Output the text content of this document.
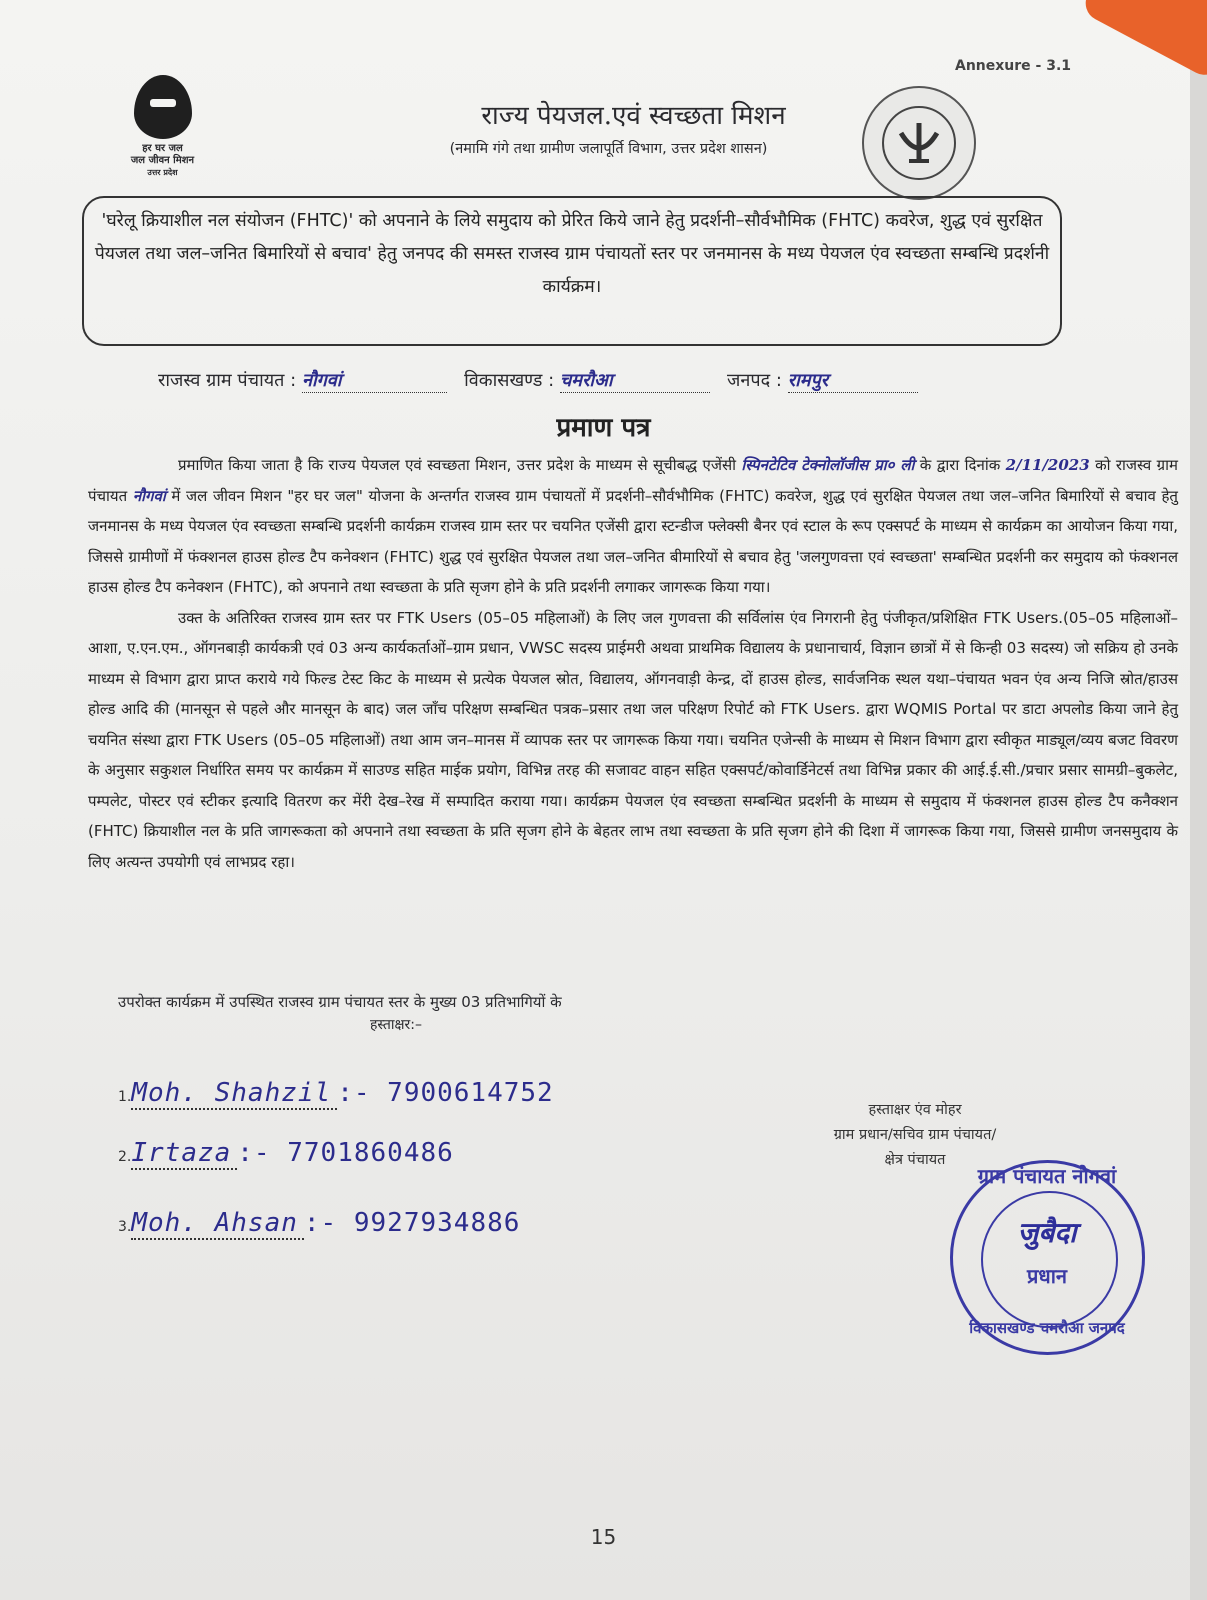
Annexure - 3.1
हर घर जल
जल जीवन मिशन
उत्तर प्रदेश
राज्य पेयजल.एवं स्वच्छता मिशन
(नमामि गंगे तथा ग्रामीण जलापूर्ति विभाग, उत्तर प्रदेश शासन)
'घरेलू क्रियाशील नल संयोजन (FHTC)' को अपनाने के लिये समुदाय को प्रेरित किये जाने हेतु प्रदर्शनी–सौर्वभौमिक (FHTC) कवरेज, शुद्ध एवं सुरक्षित पेयजल तथा जल–जनित बिमारियों से बचाव' हेतु जनपद की समस्त राजस्व ग्राम पंचायतों स्तर पर जनमानस के मध्य पेयजल एंव स्वच्छता सम्बन्धि प्रदर्शनी कार्यक्रम।
राजस्व ग्राम पंचायत : नौगवां	विकासखण्ड : चमरौआ	जनपद : रामपुर
प्रमाण पत्र

प्रमाणित किया जाता है कि राज्य पेयजल एवं स्वच्छता मिशन, उत्तर प्रदेश के माध्यम से सूचीबद्ध एजेंसी स्पिनटेटिव टेक्नोलॉजीस प्रा० ली के द्वारा दिनांक 2/11/2023 को राजस्व ग्राम पंचायत नौगवां में जल जीवन मिशन "हर घर जल" योजना के अन्तर्गत राजस्व ग्राम पंचायतों में प्रदर्शनी–सौर्वभौमिक (FHTC) कवरेज, शुद्ध एवं सुरक्षित पेयजल तथा जल–जनित बिमारियों से बचाव हेतु जनमानस के मध्य पेयजल एंव स्वच्छता सम्बन्धि प्रदर्शनी कार्यक्रम राजस्व ग्राम स्तर पर चयनित एजेंसी द्वारा स्टन्डीज फ्लेक्सी बैनर एवं स्टाल के रूप एक्सपर्ट के माध्यम से कार्यक्रम का आयोजन किया गया, जिससे ग्रामीणों में फंक्शनल हाउस होल्ड टैप कनेक्शन (FHTC) शुद्ध एवं सुरक्षित पेयजल तथा जल–जनित बीमारियों से बचाव हेतु 'जलगुणवत्ता एवं स्वच्छता' सम्बन्धित प्रदर्शनी कर समुदाय को फंक्शनल हाउस होल्ड टैप कनेक्शन (FHTC), को अपनाने तथा स्वच्छता के प्रति सृजग होने के प्रति प्रदर्शनी लगाकर जागरूक किया गया।

उक्त के अतिरिक्त राजस्व ग्राम स्तर पर FTK Users (05–05 महिलाओं) के लिए जल गुणवत्ता की सर्विलांस एंव निगरानी हेतु पंजीकृत/प्रशिक्षित FTK Users.(05–05 महिलाओं–आशा, ए.एन.एम., ऑगनबाड़ी कार्यकत्री एवं 03 अन्य कार्यकर्ताओं–ग्राम प्रधान, VWSC सदस्य प्राईमरी अथवा प्राथमिक विद्यालय के प्रधानाचार्य, विज्ञान छात्रों में से किन्ही 03 सदस्य) जो सक्रिय हो उनके माध्यम से विभाग द्वारा प्राप्त कराये गये फिल्ड टेस्ट किट के माध्यम से प्रत्येक पेयजल स्रोत, विद्यालय, ऑगनवाड़ी केन्द्र, दों हाउस होल्ड, सार्वजनिक स्थल यथा–पंचायत भवन एंव अन्य निजि स्रोत/हाउस होल्ड आदि की (मानसून से पहले और मानसून के बाद) जल जाँच परिक्षण सम्बन्धित पत्रक–प्रसार तथा जल परिक्षण रिपोर्ट को FTK Users. द्वारा WQMIS Portal पर डाटा अपलोड किया जाने हेतु चयनित संस्था द्वारा FTK Users (05–05 महिलाओं) तथा आम जन–मानस में व्यापक स्तर पर जागरूक किया गया। चयनित एजेन्सी के माध्यम से मिशन विभाग द्वारा स्वीकृत माड्यूल/व्यय बजट विवरण के अनुसार सकुशल निर्धारित समय पर कार्यक्रम में साउण्ड सहित माईक प्रयोग, विभिन्न तरह की सजावट वाहन सहित एक्सपर्ट/कोवार्डिनेटर्स तथा विभिन्न प्रकार की आई.ई.सी./प्रचार प्रसार सामग्री–बुकलेट, पम्पलेट, पोस्टर एवं स्टीकर इत्यादि वितरण कर मेंरी देख–रेख में सम्पादित कराया गया। कार्यक्रम पेयजल एंव स्वच्छता सम्बन्धित प्रदर्शनी के माध्यम से समुदाय में फंक्शनल हाउस होल्ड टैप कनैक्शन (FHTC) क्रियाशील नल के प्रति जागरूकता को अपनाने तथा स्वच्छता के प्रति सृजग होने के बेहतर लाभ तथा स्वच्छता के प्रति सृजग होने की दिशा में जागरूक किया गया, जिससे ग्रामीण जनसमुदाय के लिए अत्यन्त उपयोगी एवं लाभप्रद रहा।

उपरोक्त कार्यक्रम में उपस्थित राजस्व ग्राम पंचायत स्तर के मुख्य 03 प्रतिभागियों के
हस्ताक्षर:–
1.Moh. Shahzil :- 7900614752
2.Irtaza :- 7701860486
3.Moh. Ahsan :- 9927934886
हस्ताक्षर एंव मोहर
ग्राम प्रधान/सचिव ग्राम पंचायत/
क्षेत्र पंचायत
ग्राम पंचायत नौगवां
जुबैदा
प्रधान
विकासखण्ड चमरौआ जनपद
15
